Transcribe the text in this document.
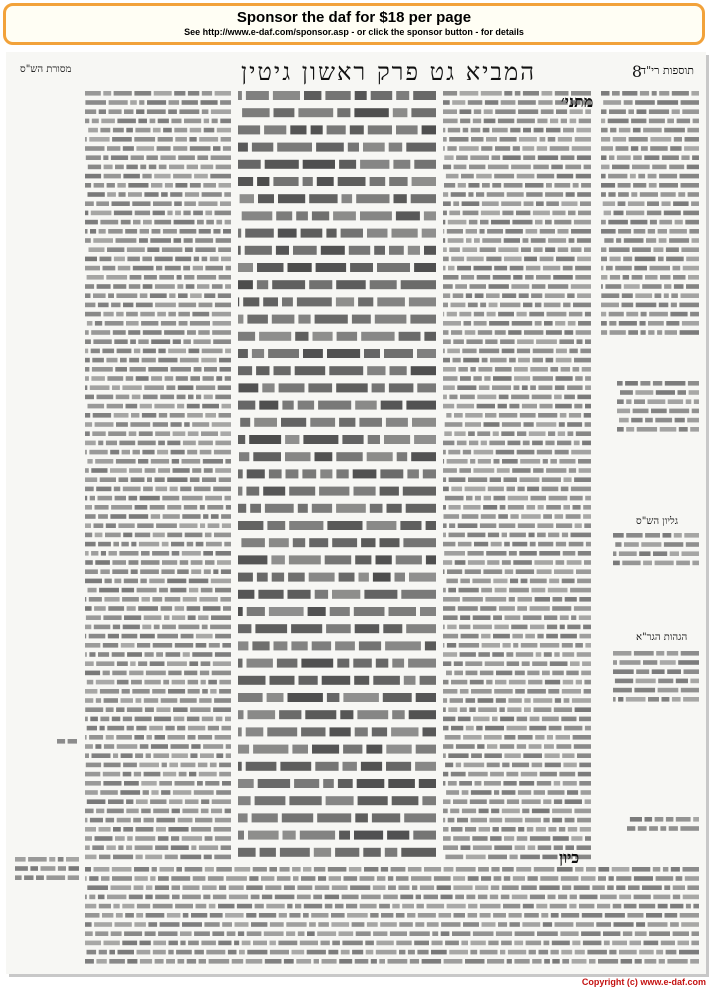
Sponsor the daf for $18 per page
See http://www.e-daf.com/sponsor.asp - or click the sponsor button - for details
מסורת הש"ס	המביא גט פרק ראשון גיטין	8
תוספות רי"ד
גליון הש"ס
הגהות הגר"א
מתני׳
כיון
Copyright (c) www.e-daf.com
